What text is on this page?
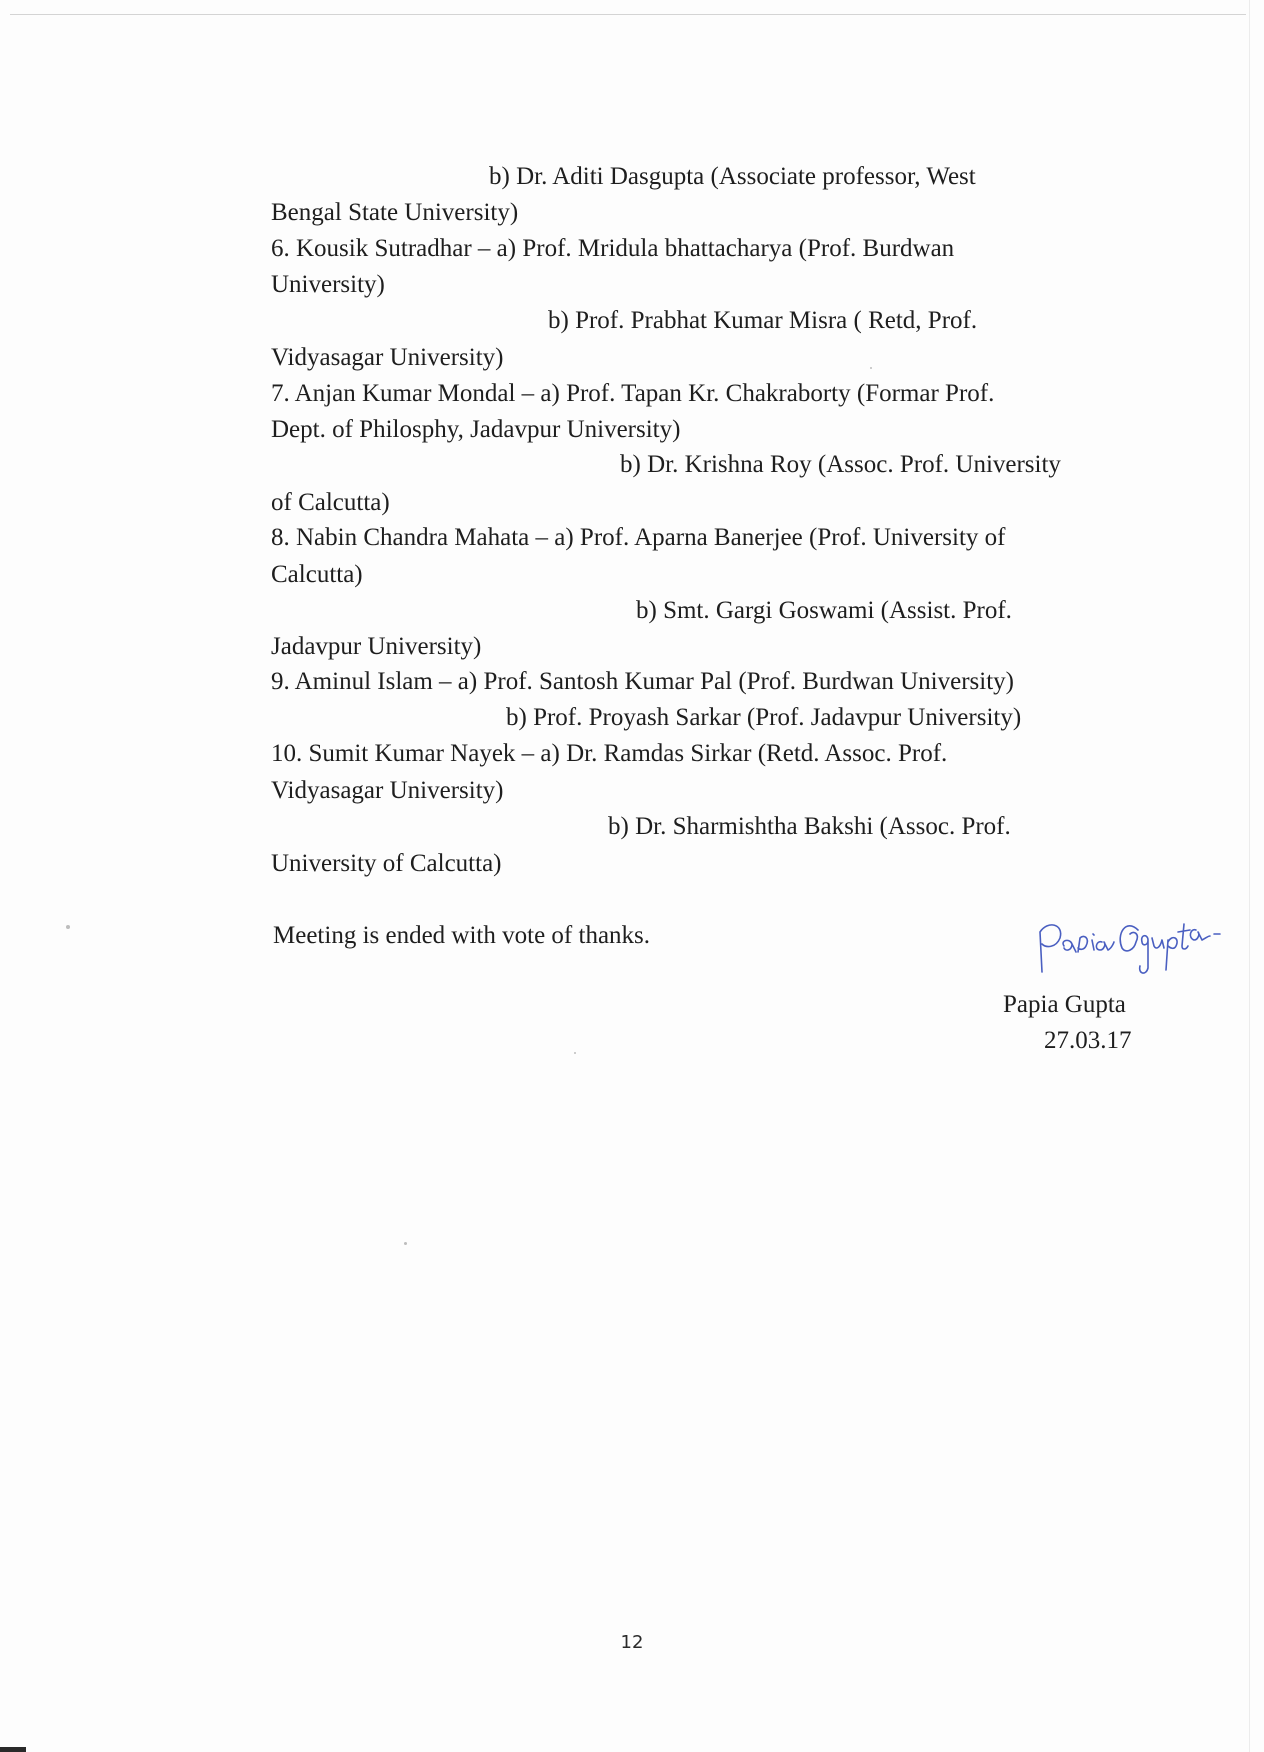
b) Dr. Aditi Dasgupta (Associate professor, West
Bengal State University)
6. Kousik Sutradhar – a) Prof. Mridula bhattacharya (Prof. Burdwan
University)
b) Prof. Prabhat Kumar Misra ( Retd, Prof.
Vidyasagar University)
7. Anjan Kumar Mondal – a) Prof. Tapan Kr. Chakraborty (Formar Prof.
Dept. of Philosphy, Jadavpur University)
b) Dr. Krishna Roy (Assoc. Prof. University
of Calcutta)
8. Nabin Chandra Mahata – a) Prof. Aparna Banerjee (Prof. University of
Calcutta)
b) Smt. Gargi Goswami (Assist. Prof.
Jadavpur University)
9. Aminul Islam – a) Prof. Santosh Kumar Pal (Prof. Burdwan University)
b) Prof. Proyash Sarkar (Prof. Jadavpur University)
10. Sumit Kumar Nayek – a) Dr. Ramdas Sirkar (Retd. Assoc. Prof.
Vidyasagar University)
b) Dr. Sharmishtha Bakshi (Assoc. Prof.
University of Calcutta)
Meeting is ended with vote of thanks.
Papia Gupta
27.03.17
12
